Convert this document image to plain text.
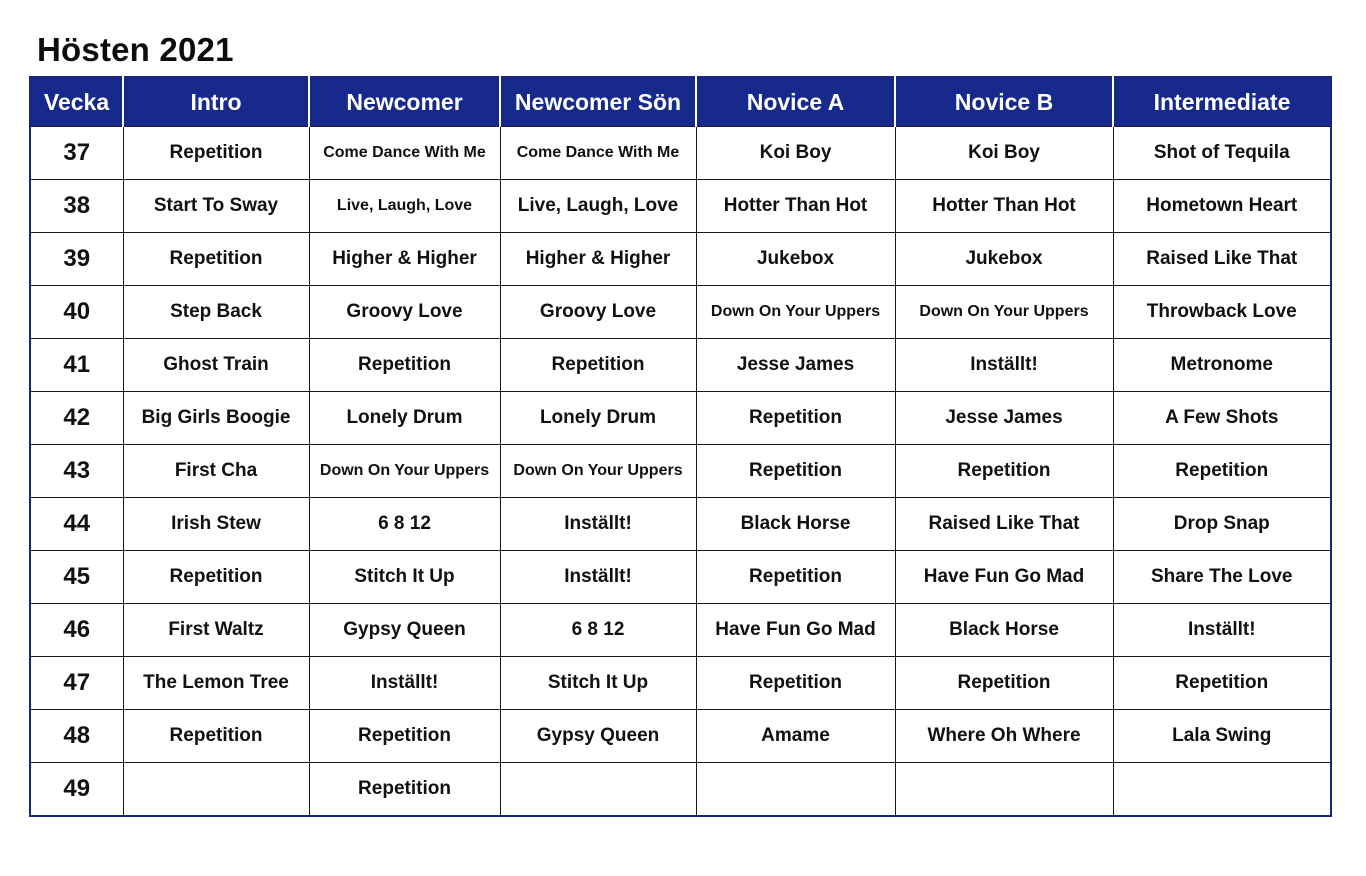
Hösten 2021
Vecka	Intro	Newcomer	Newcomer Sön	Novice A	Novice B	Intermediate
37	Repetition	Come Dance With Me	Come Dance With Me	Koi Boy	Koi Boy	Shot of Tequila
38	Start To Sway	Live, Laugh, Love	Live, Laugh, Love	Hotter Than Hot	Hotter Than Hot	Hometown Heart
39	Repetition	Higher & Higher	Higher & Higher	Jukebox	Jukebox	Raised Like That
40	Step Back	Groovy Love	Groovy Love	Down On Your Uppers	Down On Your Uppers	Throwback Love
41	Ghost Train	Repetition	Repetition	Jesse James	Inställt!	Metronome
42	Big Girls Boogie	Lonely Drum	Lonely Drum	Repetition	Jesse James	A Few Shots
43	First Cha	Down On Your Uppers	Down On Your Uppers	Repetition	Repetition	Repetition
44	Irish Stew	6 8 12	Inställt!	Black Horse	Raised Like That	Drop Snap
45	Repetition	Stitch It Up	Inställt!	Repetition	Have Fun Go Mad	Share The Love
46	First Waltz	Gypsy Queen	6 8 12	Have Fun Go Mad	Black Horse	Inställt!
47	The Lemon Tree	Inställt!	Stitch It Up	Repetition	Repetition	Repetition
48	Repetition	Repetition	Gypsy Queen	Amame	Where Oh Where	Lala Swing
49		Repetition				
